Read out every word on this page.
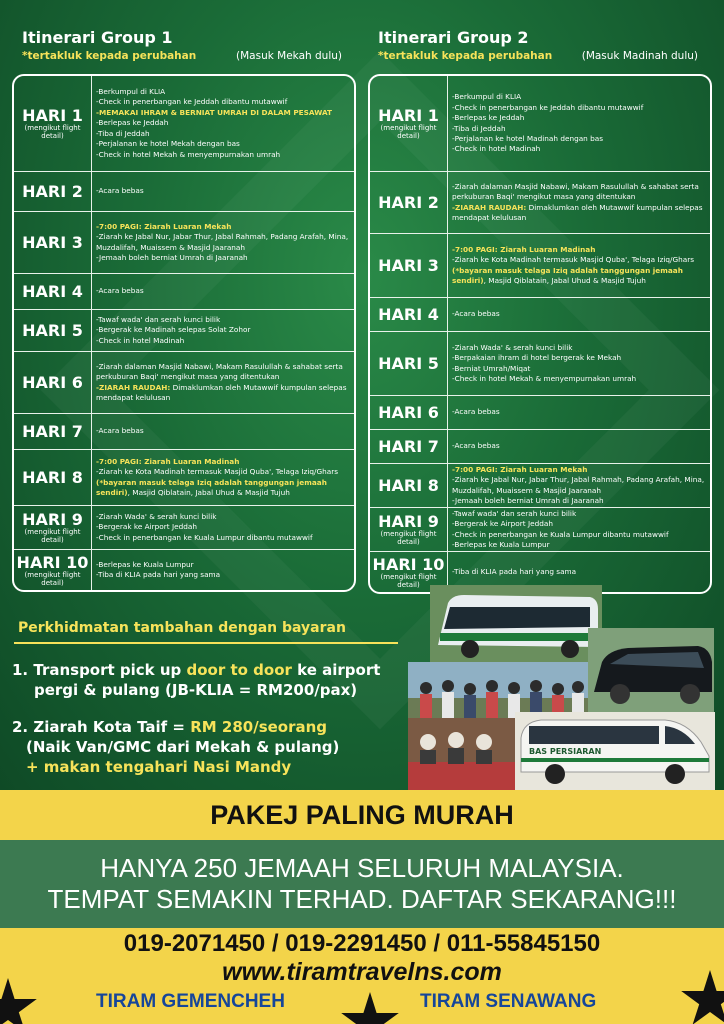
Itinerari Group 1
*tertakluk kepada perubahan	(Masuk Mekah dulu)
HARI 1
(mengikut flight detail)
-Berkumpul di KLIA
-Check in penerbangan ke Jeddah dibantu mutawwif
-MEMAKAI IHRAM & BERNIAT UMRAH DI DALAM PESAWAT
-Berlepas ke Jeddah
-Tiba di Jeddah
-Perjalanan ke hotel Mekah dengan bas
-Check in hotel Mekah & menyempurnakan umrah
HARI 2 -Acara bebas
HARI 3
-7:00 PAGI: Ziarah Luaran Mekah
-Ziarah ke Jabal Nur, Jabar Thur, Jabal Rahmah, Padang Arafah, Mina, Muzdalifah, Muaissem & Masjid Jaaranah
-Jemaah boleh berniat Umrah di Jaaranah
HARI 4 -Acara bebas
HARI 5
-Tawaf wada' dan serah kunci bilik
-Bergerak ke Madinah selepas Solat Zohor
-Check in hotel Madinah
HARI 6
-Ziarah dalaman Masjid Nabawi, Makam Rasulullah & sahabat serta perkuburan Baqi' mengikut masa yang ditentukan
-ZIARAH RAUDAH: Dimaklumkan oleh Mutawwif kumpulan selepas mendapat kelulusan
HARI 7 -Acara bebas
HARI 8
-7:00 PAGI: Ziarah Luaran Madinah
-Ziarah ke Kota Madinah termasuk Masjid Quba', Telaga Iziq/Ghars (*bayaran masuk telaga Iziq adalah tanggungan jemaah sendiri), Masjid Qiblatain, Jabal Uhud & Masjid Tujuh
HARI 9
(mengikut flight detail)
-Ziarah Wada' & serah kunci bilik
-Bergerak ke Airport Jeddah
-Check in penerbangan ke Kuala Lumpur dibantu mutawwif
HARI 10
(mengikut flight detail)
-Berlepas ke Kuala Lumpur
-Tiba di KLIA pada hari yang sama
Itinerari Group 2
*tertakluk kepada perubahan	(Masuk Madinah dulu)
HARI 1
(mengikut flight detail)
-Berkumpul di KLIA
-Check in penerbangan ke Jeddah dibantu mutawwif
-Berlepas ke Jeddah
-Tiba di Jeddah
-Perjalanan ke hotel Madinah dengan bas
-Check in hotel Madinah
HARI 2
-Ziarah dalaman Masjid Nabawi, Makam Rasulullah & sahabat serta perkuburan Baqi' mengikut masa yang ditentukan
-ZIARAH RAUDAH: Dimaklumkan oleh Mutawwif kumpulan selepas mendapat kelulusan
HARI 3
-7:00 PAGI: Ziarah Luaran Madinah
-Ziarah ke Kota Madinah termasuk Masjid Quba', Telaga Iziq/Ghars (*bayaran masuk telaga Iziq adalah tanggungan jemaah sendiri), Masjid Qiblatain, Jabal Uhud & Masjid Tujuh
HARI 4 -Acara bebas
HARI 5
-Ziarah Wada' & serah kunci bilik
-Berpakaian ihram di hotel bergerak ke Mekah
-Berniat Umrah/Miqat
-Check in hotel Mekah & menyempurnakan umrah
HARI 6 -Acara bebas
HARI 7 -Acara bebas
HARI 8
-7:00 PAGI: Ziarah Luaran Mekah
-Ziarah ke Jabal Nur, Jabar Thur, Jabal Rahmah, Padang Arafah, Mina, Muzdalifah, Muaissem & Masjid Jaaranah
-Jemaah boleh berniat Umrah di Jaaranah
HARI 9
(mengikut flight detail)
-Tawaf wada' dan serah kunci bilik
-Bergerak ke Airport Jeddah
-Check in penerbangan ke Kuala Lumpur dibantu mutawwif
-Berlepas ke Kuala Lumpur
HARI 10
(mengikut flight detail)
-Tiba di KLIA pada hari yang sama
Perkhidmatan tambahan dengan bayaran
1. Transport pick up door to door ke airport
pergi & pulang (JB-KLIA = RM200/pax)
2. Ziarah Kota Taif = RM 280/seorang
(Naik Van/GMC dari Mekah & pulang)
+ makan tengahari Nasi Mandy
BAS PERSIARAN
PAKEJ PALING MURAH
HANYA 250 JEMAAH SELURUH MALAYSIA.
TEMPAT SEMAKIN TERHAD. DAFTAR SEKARANG!!!
019-2071450 / 019-2291450 / 011-55845150
www.tiramtravelns.com
TIRAM GEMENCHEH	TIRAM SENAWANG
